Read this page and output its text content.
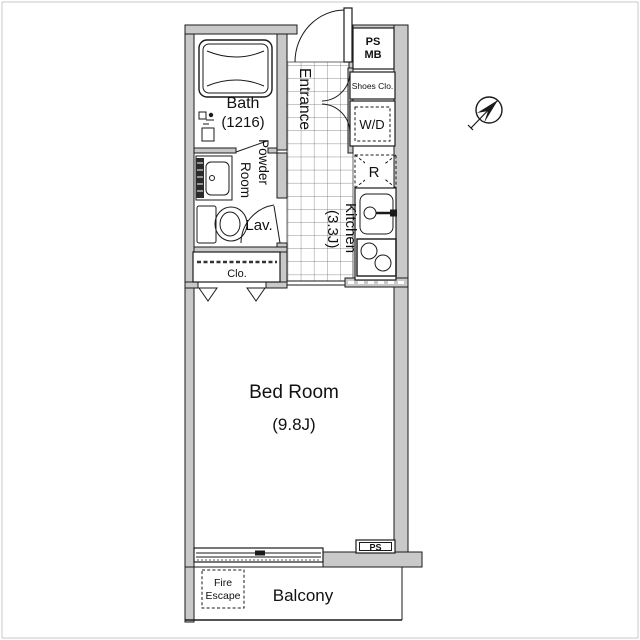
PS
MB
Shoes Clo.
W/D
R
Bath
(1216)
Powder
Room
Lav.
Clo.
Entrance
Kitchen
(3.3J)
Bed Room
(9.8J)
PS
Fire
Escape Balcony
